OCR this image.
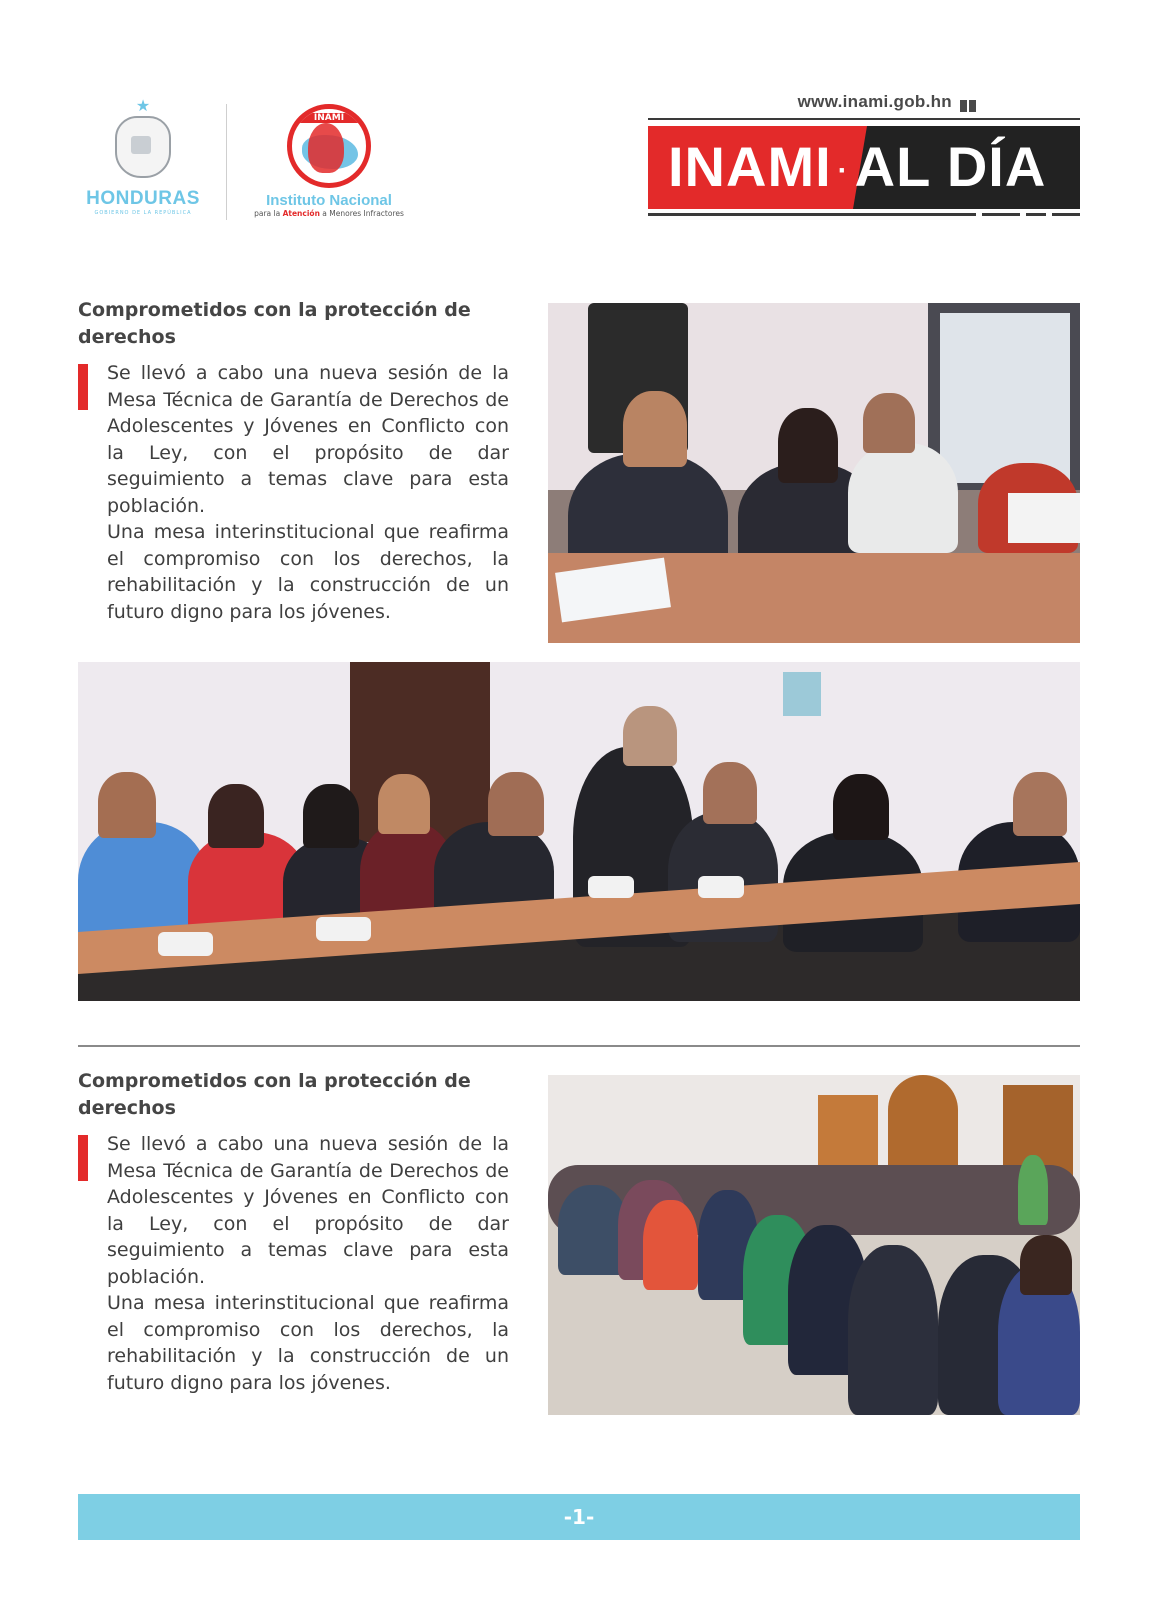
★
HONDURAS
GOBIERNO DE LA REPÚBLICA
INAMI
Instituto Nacional
para la Atención a Menores Infractores
www.inami.gob.hn
INAMI · AL DÍA
Comprometidos con la protección de derechos

Se llevó a cabo una nueva sesión de la Mesa Técnica de Garantía de Derechos de Adolescentes y Jóvenes en Conflicto con la Ley, con el propósito de dar seguimiento a temas clave para esta población.

Una mesa interinstitucional que reafirma el compromiso con los derechos, la rehabilitación y la construcción de un futuro digno para los jóvenes.

Comprometidos con la protección de derechos

Se llevó a cabo una nueva sesión de la Mesa Técnica de Garantía de Derechos de Adolescentes y Jóvenes en Conflicto con la Ley, con el propósito de dar seguimiento a temas clave para esta población.

Una mesa interinstitucional que reafirma el compromiso con los derechos, la rehabilitación y la construcción de un futuro digno para los jóvenes.

-1-
